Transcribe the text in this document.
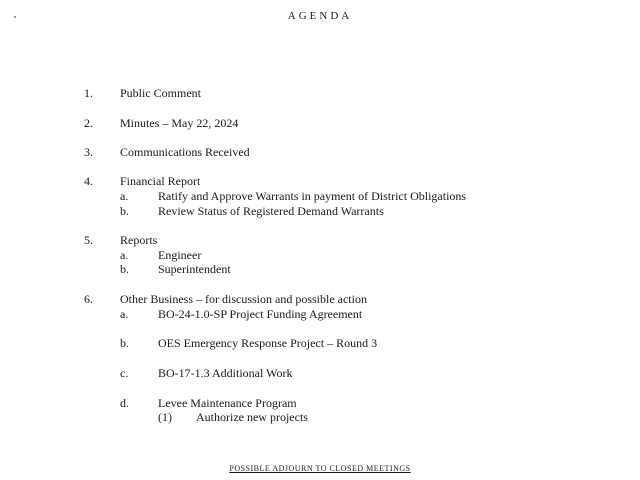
AGENDA
1.	Public Comment
2.	Minutes – May 22, 2024
3.	Communications Received
4.	Financial Report
a. Ratify and Approve Warrants in payment of District Obligations
b. Review Status of Registered Demand Warrants
5.	Reports
a. Engineer
b. Superintendent
6.	Other Business – for discussion and possible action
a. BO-24-1.0-SP Project Funding Agreement
b. OES Emergency Response Project – Round 3
c. BO-17-1.3 Additional Work
d. Levee Maintenance Program
(1) Authorize new projects
POSSIBLE ADJOURN TO CLOSED MEETINGS
